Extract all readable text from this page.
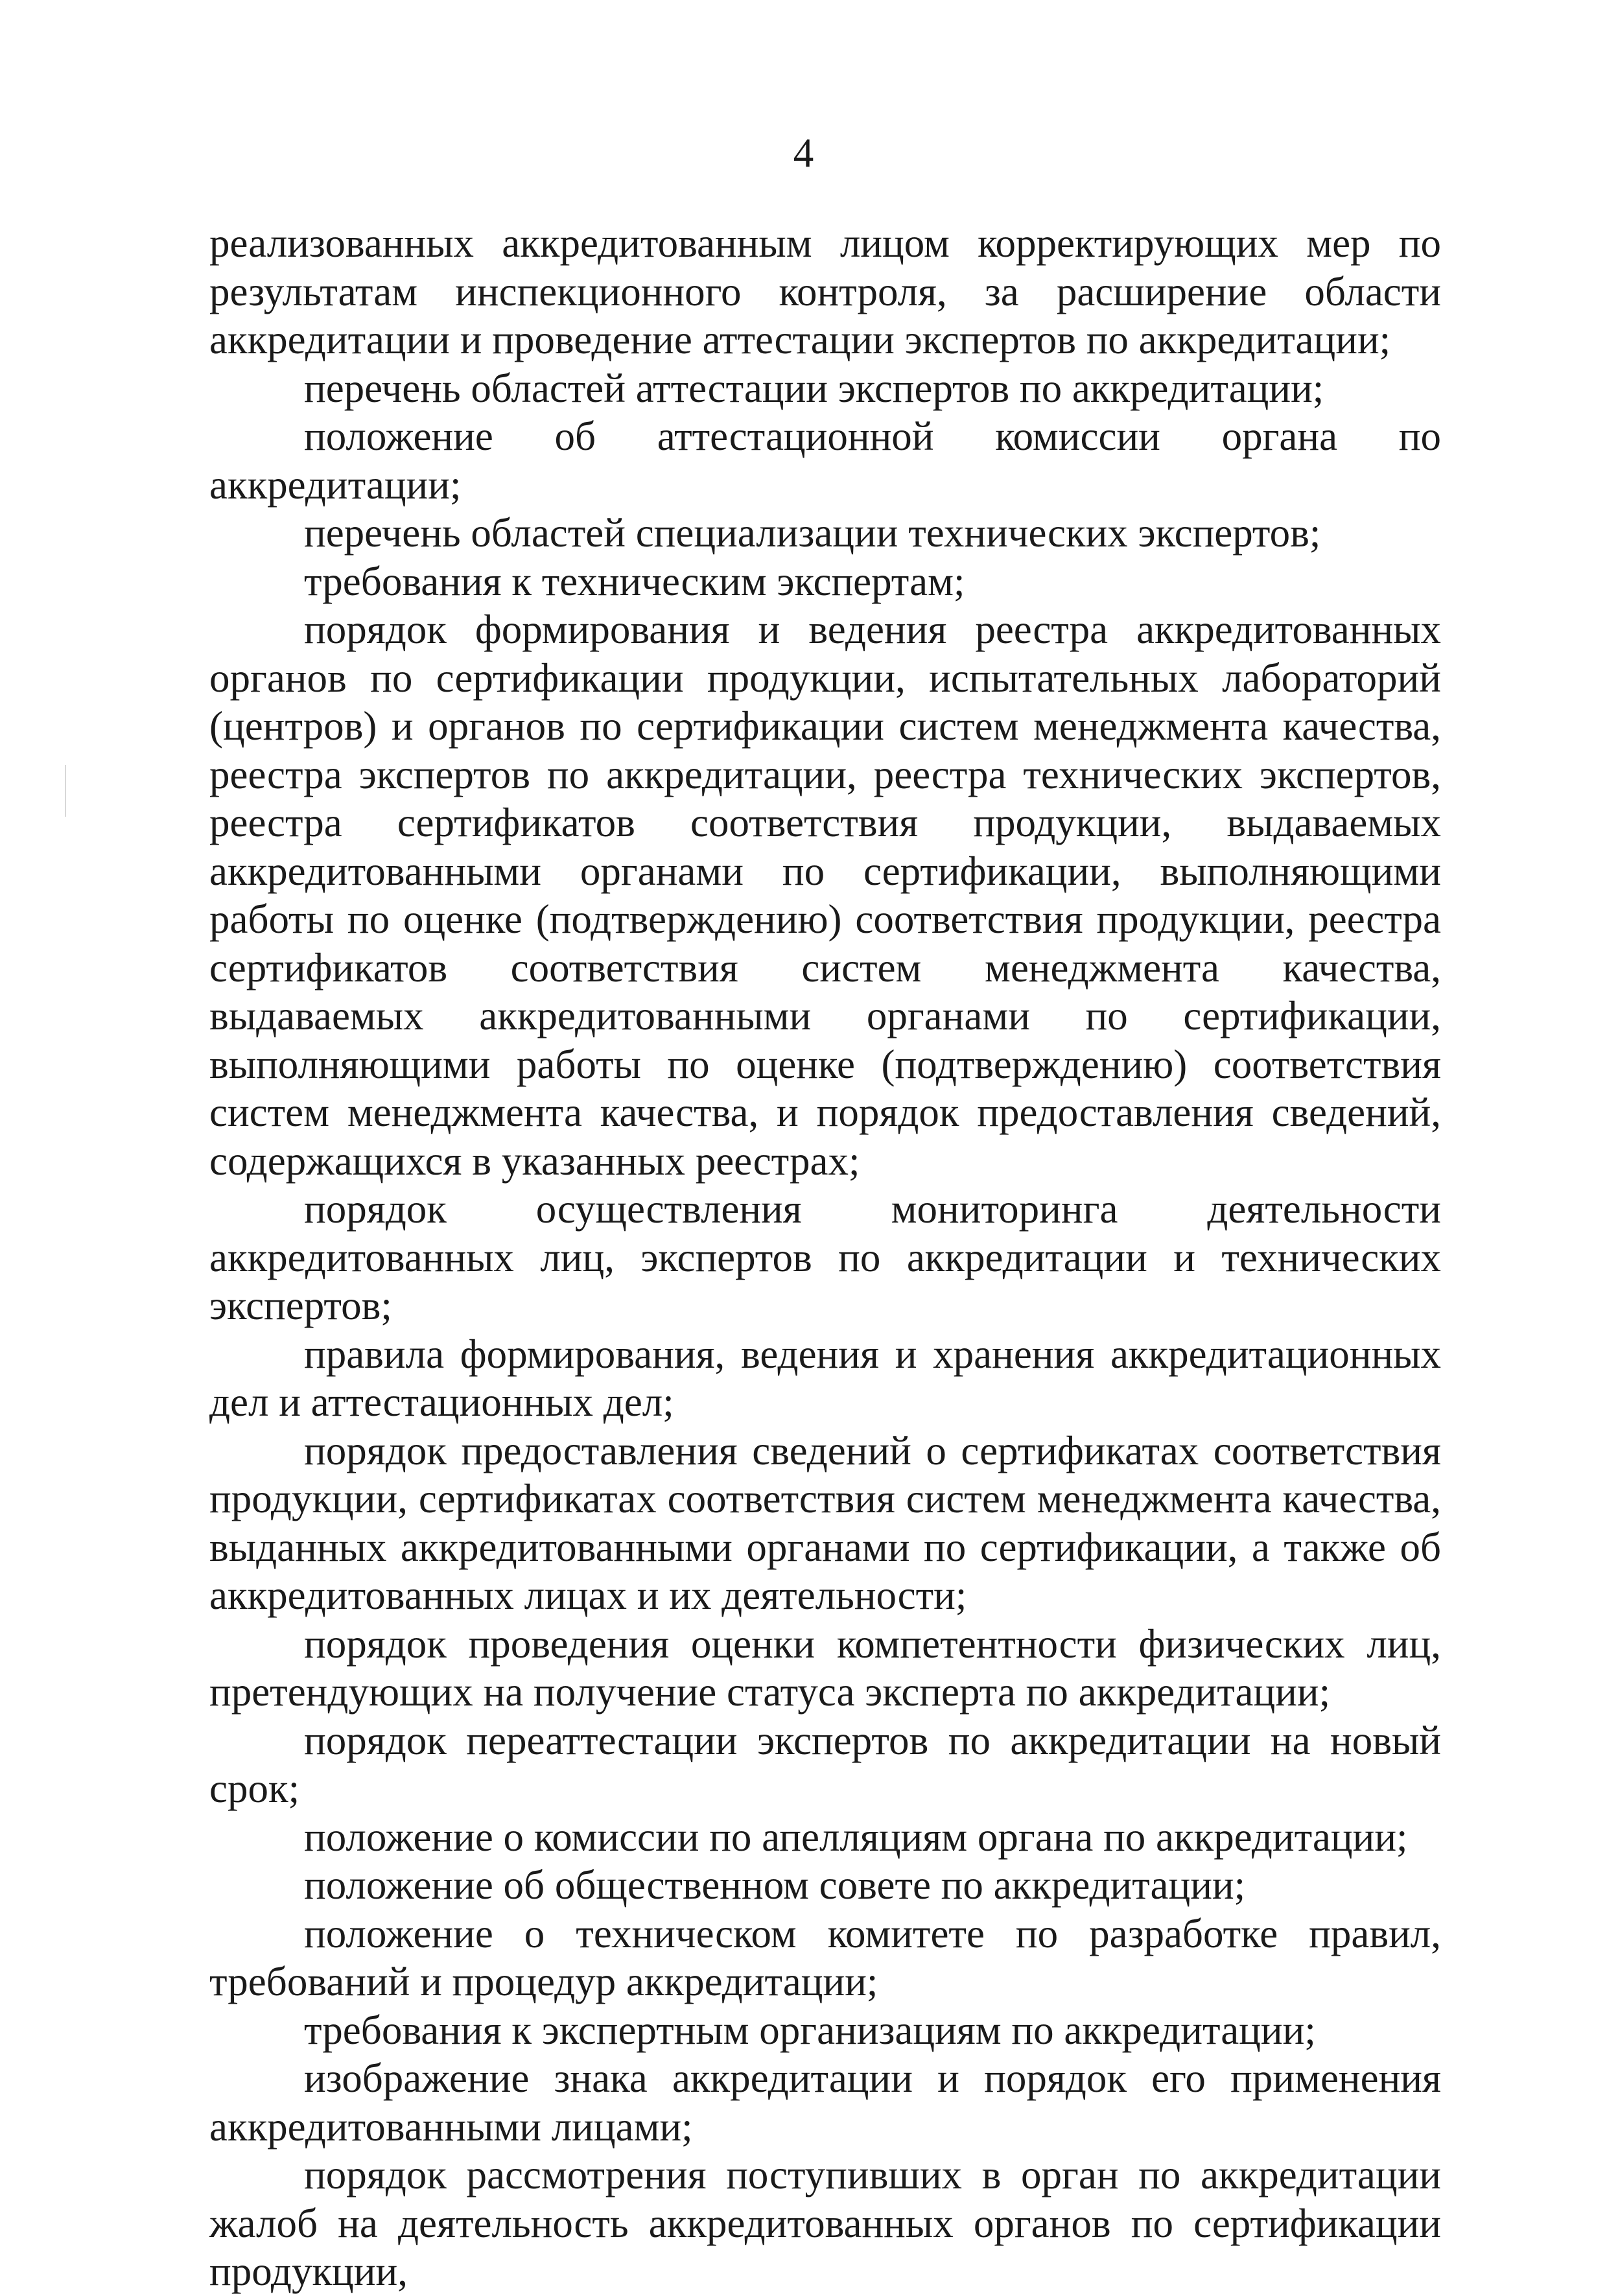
4

реализованных аккредитованным лицом корректирующих мер по результатам инспекционного контроля, за расширение области аккредитации и проведение аттестации экспертов по аккредитации;

перечень областей аттестации экспертов по аккредитации;

положение об аттестационной комиссии органа по аккредитации;

перечень областей специализации технических экспертов;

требования к техническим экспертам;

порядок формирования и ведения реестра аккредитованных органов по сертификации продукции, испытательных лабораторий (центров) и органов по сертификации систем менеджмента качества, реестра экспертов по аккредитации, реестра технических экспертов, реестра сертификатов соответствия продукции, выдаваемых аккредитованными органами по сертификации, выполняющими работы по оценке (подтверждению) соответствия продукции, реестра сертификатов соответствия систем менеджмента качества, выдаваемых аккредитованными органами по сертификации, выполняющими работы по оценке (подтверждению) соответствия систем менеджмента качества, и порядок предоставления сведений, содержащихся в указанных реестрах;

порядок осуществления мониторинга деятельности аккредитованных лиц, экспертов по аккредитации и технических экспертов;

правила формирования, ведения и хранения аккредитационных дел и аттестационных дел;

порядок предоставления сведений о сертификатах соответствия продукции, сертификатах соответствия систем менеджмента качества, выданных аккредитованными органами по сертификации, а также об аккредитованных лицах и их деятельности;

порядок проведения оценки компетентности физических лиц, претендующих на получение статуса эксперта по аккредитации;

порядок переаттестации экспертов по аккредитации на новый срок;

положение о комиссии по апелляциям органа по аккредитации;

положение об общественном совете по аккредитации;

положение о техническом комитете по разработке правил, требований и процедур аккредитации;

требования к экспертным организациям по аккредитации;

изображение знака аккредитации и порядок его применения аккредитованными лицами;

порядок рассмотрения поступивших в орган по аккредитации жалоб на деятельность аккредитованных органов по сертификации продукции,
